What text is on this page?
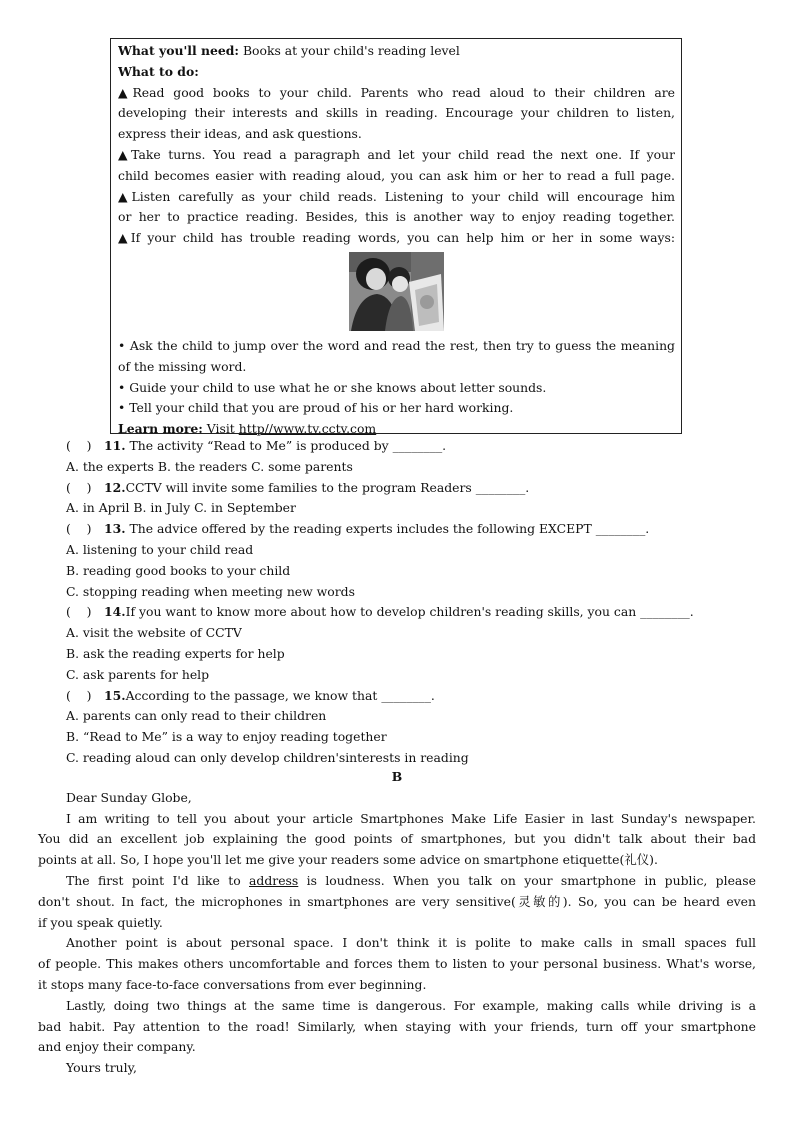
What you'll need: Books at your child's reading level
What to do:
▲Read good books to your child. Parents who read aloud to their children are
developing their interests and skills in reading. Encourage your children to listen,
express their ideas, and ask questions.
▲Take turns. You read a paragraph and let your child read the next one. If your
child becomes easier with reading aloud, you can ask him or her to read a full page.
▲Listen carefully as your child reads. Listening to your child will encourage him
or her to practice reading. Besides, this is another way to enjoy reading together.
▲If your child has trouble reading words, you can help him or her in some ways:
• Ask the child to jump over the word and read the rest, then try to guess the meaning
of the missing word.
• Guide your child to use what he or she knows about letter sounds.
• Tell your child that you are proud of his or her hard working.
Learn more: Visit http//www.tv.cctv.com
(    ) 11. The activity “Read to Me” is produced by ________.
A. the experts B. the readers C. some parents
(    ) 12.CCTV will invite some families to the program Readers ________.
A. in April B. in July C. in September
(    ) 13. The advice offered by the reading experts includes the following EXCEPT ________.
A. listening to your child read
B. reading good books to your child
C. stopping reading when meeting new words
(    ) 14.If you want to know more about how to develop children's reading skills, you can ________.
A. visit the website of CCTV
B. ask the reading experts for help
C. ask parents for help
(    ) 15.According to the passage, we know that ________.
A. parents can only read to their children
B. “Read to Me” is a way to enjoy reading together
C. reading aloud can only develop children'sinterests in reading
B
Dear Sunday Globe,
I am writing to tell you about your article Smartphones Make Life Easier in last Sunday's newspaper.
You did an excellent job explaining the good points of smartphones, but you didn't talk about their bad
points at all. So, I hope you'll let me give your readers some advice on smartphone etiquette(礼仪).
The first point I'd like to address is loudness. When you talk on your smartphone in public, please
don't shout. In fact, the microphones in smartphones are very sensitive(灵敏的). So, you can be heard even
if you speak quietly.
Another point is about personal space. I don't think it is polite to make calls in small spaces full
of people. This makes others uncomfortable and forces them to listen to your personal business. What's worse,
it stops many face-to-face conversations from ever beginning.
Lastly, doing two things at the same time is dangerous. For example, making calls while driving is a
bad habit. Pay attention to the road! Similarly, when staying with your friends, turn off your smartphone
and enjoy their company.
Yours truly,
